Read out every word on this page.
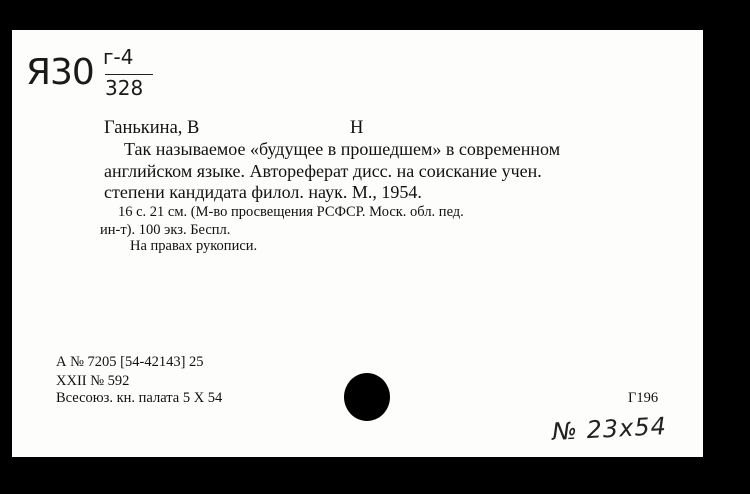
Я30 г-4
328
Ганькина, В	Н
Так называемое «будущее в прошедшем» в современном
английском языке. Автореферат дисс. на соискание учен.
степени кандидата филол. наук. М., 1954.
16 с. 21 см. (М-во просвещения РСФСР. Моск. обл. пед.
ин-т). 100 экз. Беспл.
На правах рукописи.
А № 7205 [54-42143] 25
XXII № 592
Всесоюз. кн. палата 5 X 54	Г196
№ 23x54
